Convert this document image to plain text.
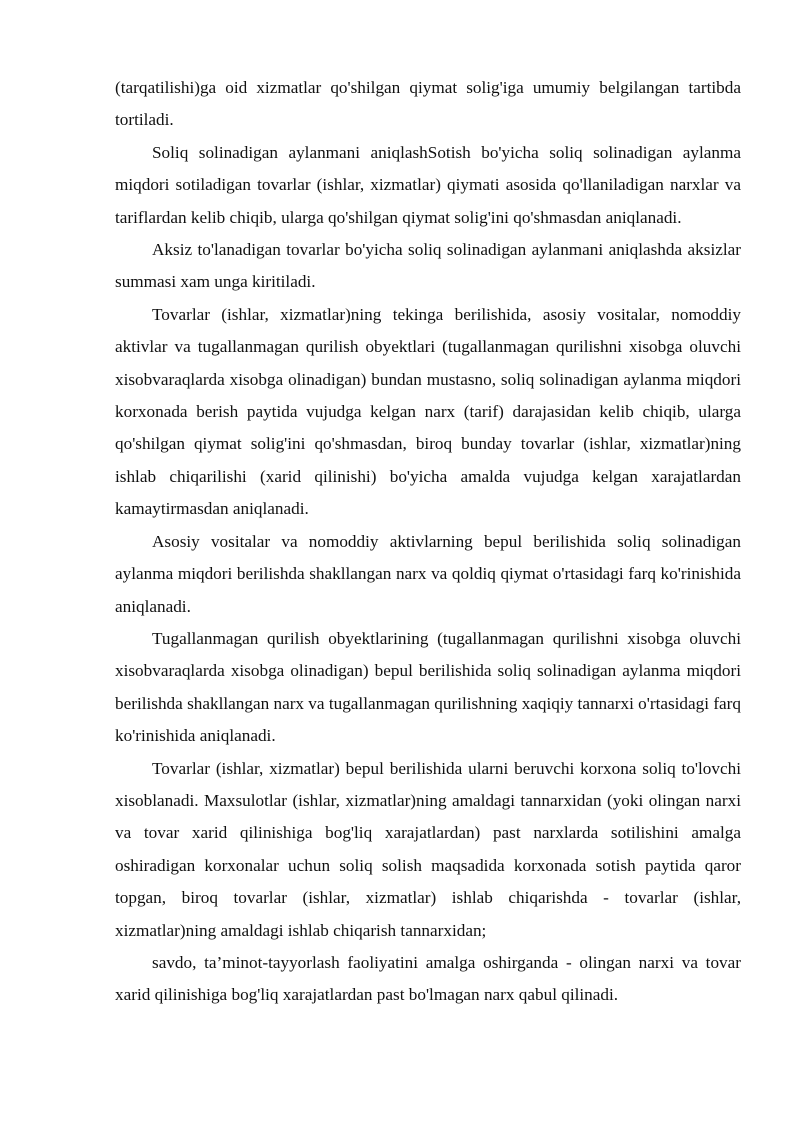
(tarqatilishi)ga oid xizmatlar qo'shilgan qiymat solig'iga umumiy belgilangan tartibda tortiladi.

Soliq solinadigan aylanmani aniqlashSotish bo'yicha soliq solinadigan aylanma miqdori sotiladigan tovarlar (ishlar, xizmatlar) qiymati asosida qo'llaniladigan narxlar va tariflardan kelib chiqib, ularga qo'shilgan qiymat solig'ini qo'shmasdan aniqlanadi.

Aksiz to'lanadigan tovarlar bo'yicha soliq solinadigan aylanmani aniqlashda aksizlar summasi xam unga kiritiladi.

Tovarlar (ishlar, xizmatlar)ning tekinga berilishida, asosiy vositalar, nomoddiy aktivlar va tugallanmagan qurilish obyektlari (tugallanmagan qurilishni xisobga oluvchi xisobvaraqlarda xisobga olinadigan) bundan mustasno, soliq solinadigan aylanma miqdori korxonada berish paytida vujudga kelgan narx (tarif) darajasidan kelib chiqib, ularga qo'shilgan qiymat solig'ini qo'shmasdan, biroq bunday tovarlar (ishlar, xizmatlar)ning ishlab chiqarilishi (xarid qilinishi) bo'yicha amalda vujudga kelgan xarajatlardan kamaytirmasdan aniqlanadi.

Asosiy vositalar va nomoddiy aktivlarning bepul berilishida soliq solinadigan aylanma miqdori berilishda shakllangan narx va qoldiq qiymat o'rtasidagi farq ko'rinishida aniqlanadi.

Tugallanmagan qurilish obyektlarining (tugallanmagan qurilishni xisobga oluvchi xisobvaraqlarda xisobga olinadigan) bepul berilishida soliq solinadigan aylanma miqdori berilishda shakllangan narx va tugallanmagan qurilishning xaqiqiy tannarxi o'rtasidagi farq ko'rinishida aniqlanadi.

Tovarlar (ishlar, xizmatlar) bepul berilishida ularni beruvchi korxona soliq to'lovchi xisoblanadi. Maxsulotlar (ishlar, xizmatlar)ning amaldagi tannarxidan (yoki olingan narxi va tovar xarid qilinishiga bog'liq xarajatlardan) past narxlarda sotilishini amalga oshiradigan korxonalar uchun soliq solish maqsadida korxonada sotish paytida qaror topgan, biroq tovarlar (ishlar, xizmatlar) ishlab chiqarishda - tovarlar (ishlar, xizmatlar)ning amaldagi ishlab chiqarish tannarxidan;

savdo, ta’minot-tayyorlash faoliyatini amalga oshirganda - olingan narxi va tovar xarid qilinishiga bog'liq xarajatlardan past bo'lmagan narx qabul qilinadi.
